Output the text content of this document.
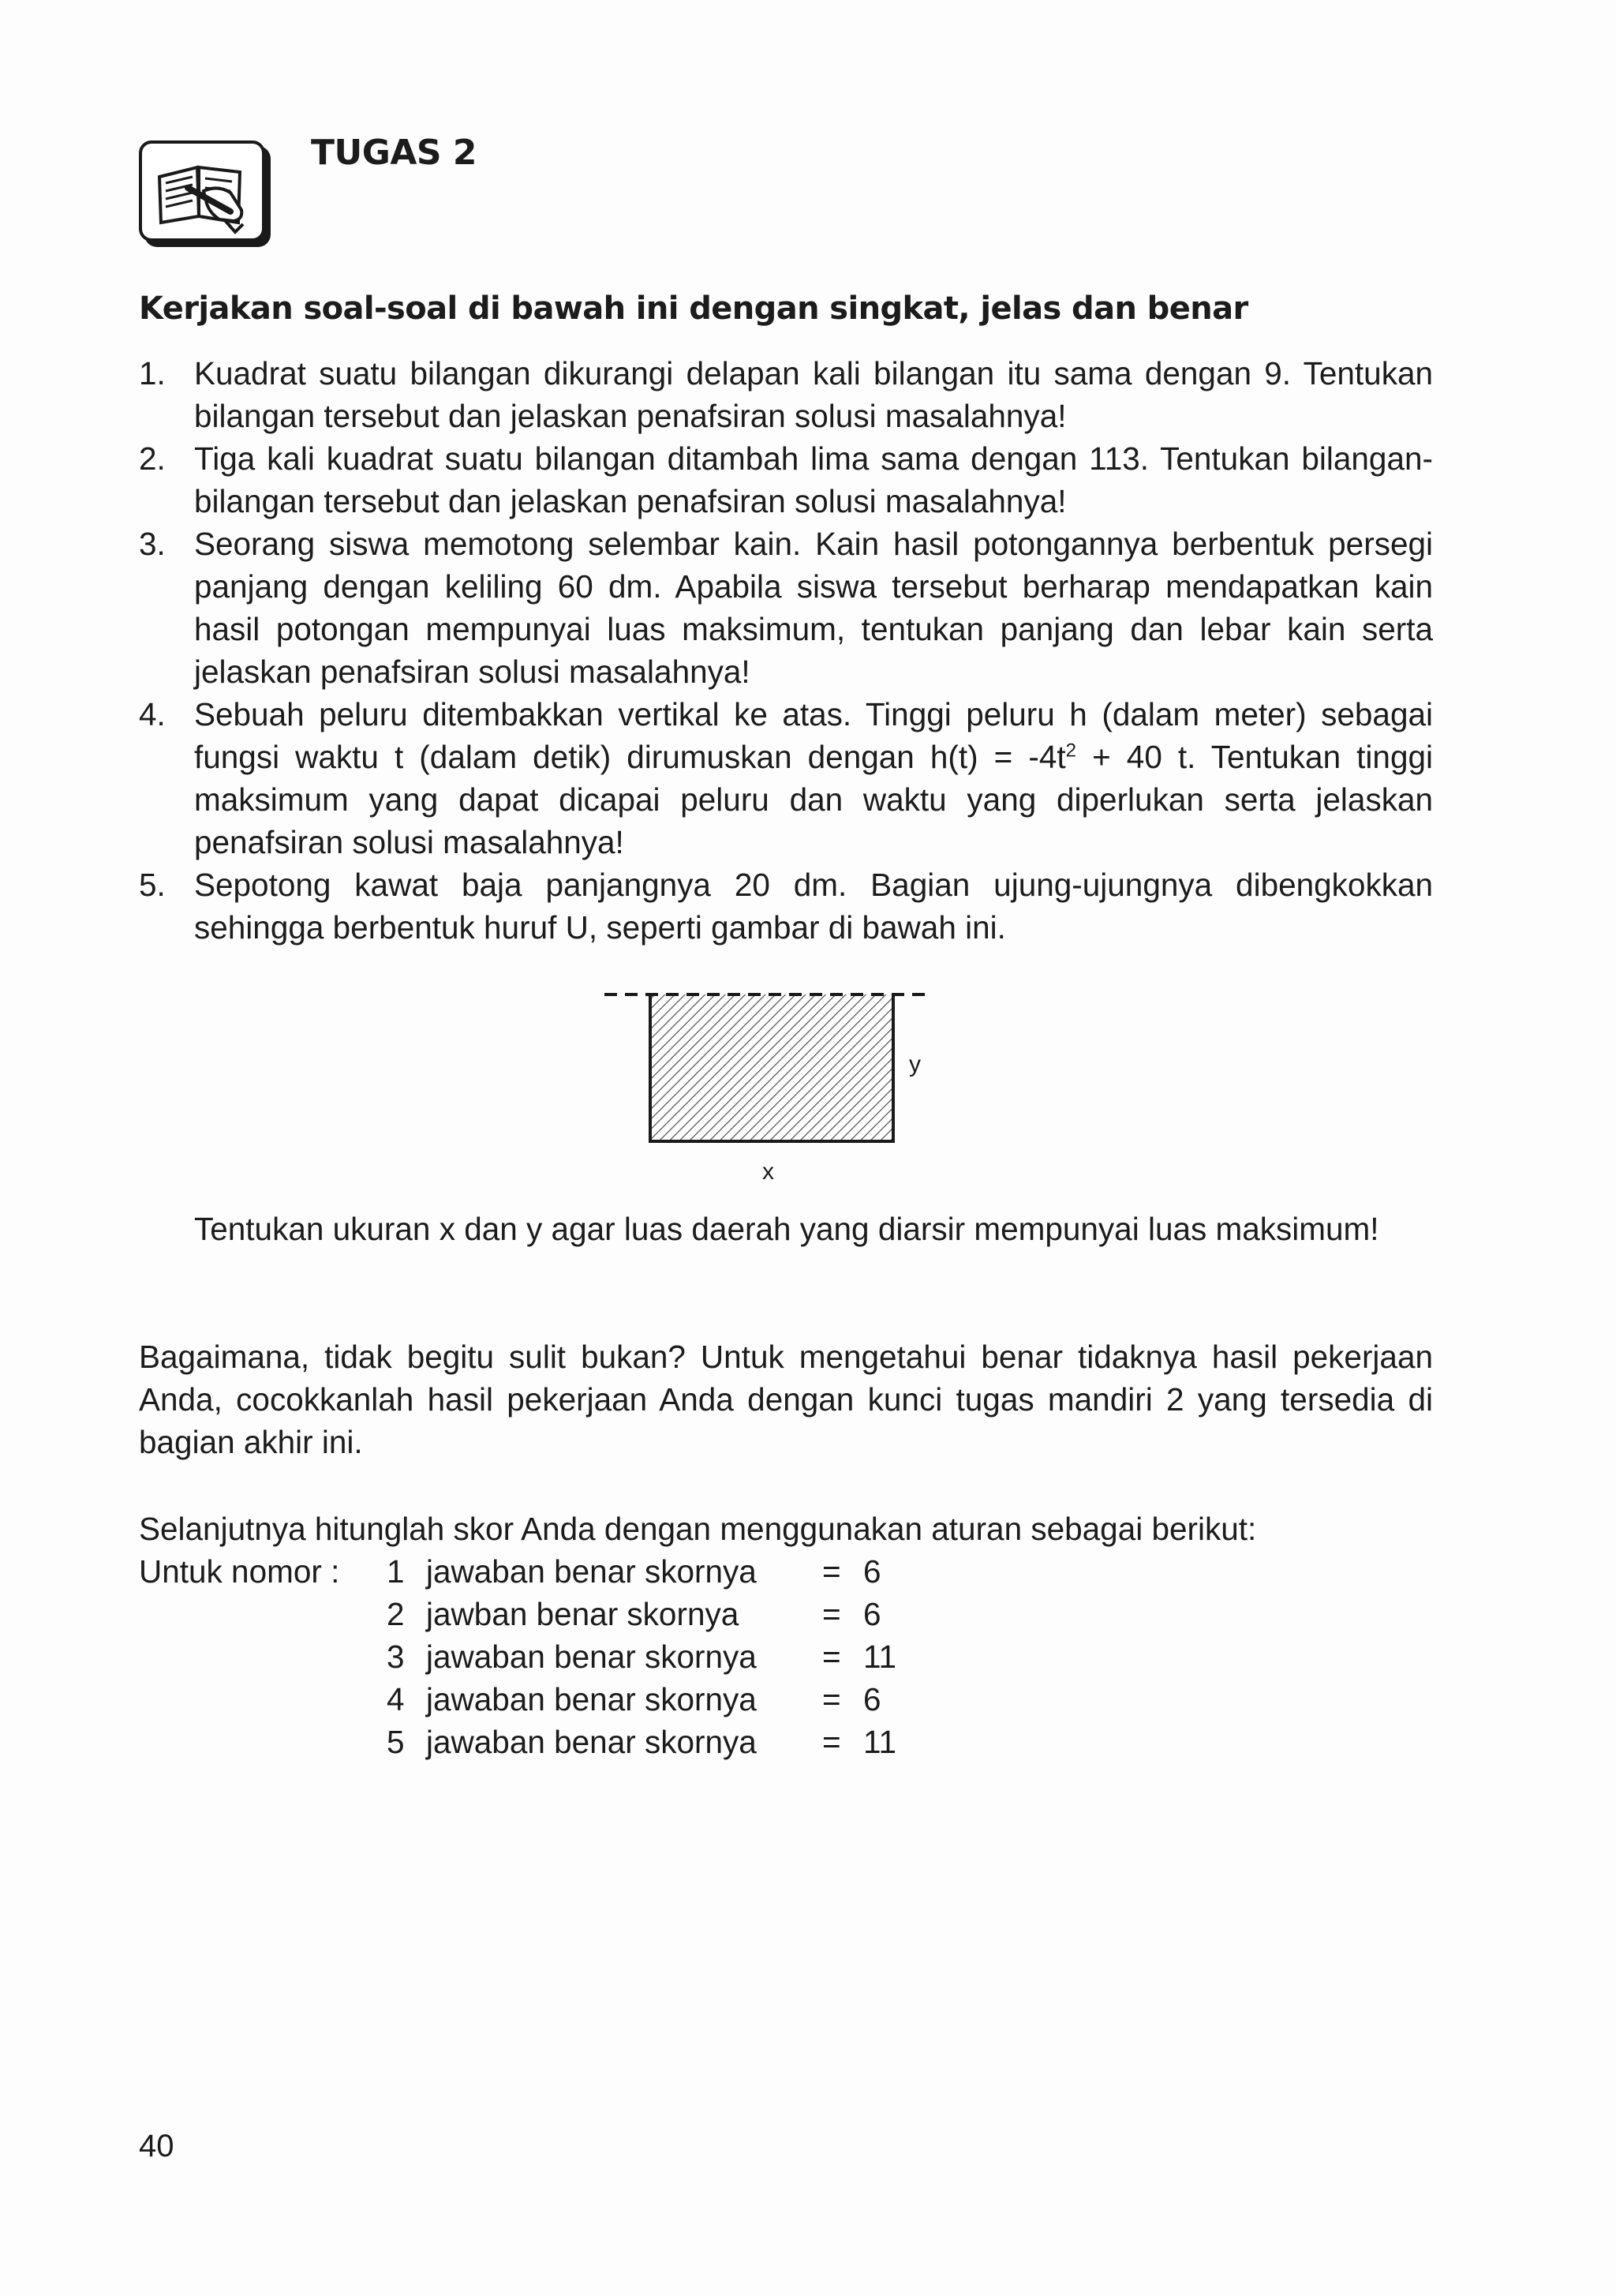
TUGAS 2
Kerjakan soal-soal di bawah ini dengan singkat, jelas dan benar
1. Kuadrat suatu bilangan dikurangi delapan kali bilangan itu sama dengan 9. Tentukan bilangan tersebut dan jelaskan penafsiran solusi masalahnya!
2. Tiga kali kuadrat suatu bilangan ditambah lima sama dengan 113. Tentukan bilangan-bilangan tersebut dan jelaskan penafsiran solusi masalahnya!
3. Seorang siswa memotong selembar kain. Kain hasil potongannya berbentuk persegi panjang dengan keliling 60 dm. Apabila siswa tersebut berharap mendapatkan kain hasil potongan mempunyai luas maksimum, tentukan panjang dan lebar kain serta jelaskan penafsiran solusi masalahnya!
4. Sebuah peluru ditembakkan vertikal ke atas. Tinggi peluru h (dalam meter) sebagai fungsi waktu t (dalam detik) dirumuskan dengan $h(t) = -4t^2 + 40$ t. Tentukan tinggi maksimum yang dapat dicapai peluru dan waktu yang diperlukan serta jelaskan penafsiran solusi masalahnya!
5. Sepotong kawat baja panjangnya 20 dm. Bagian ujung-ujungnya dibengkokkan sehingga berbentuk huruf U, seperti gambar di bawah ini.
y
x
Tentukan ukuran x dan y agar luas daerah yang diarsir mempunyai luas maksimum!
Bagaimana, tidak begitu sulit bukan? Untuk mengetahui benar tidaknya hasil pekerjaan Anda, cocokkanlah hasil pekerjaan Anda dengan kunci tugas mandiri 2 yang tersedia di bagian akhir ini.
Selanjutnya hitunglah skor Anda dengan menggunakan aturan sebagai berikut:
Untuk nomor : 1 jawaban benar skornya = 6
2 jawban benar skornya	= 6
3 jawaban benar skornya = 11
4 jawaban benar skornya = 6
5 jawaban benar skornya = 11
40
